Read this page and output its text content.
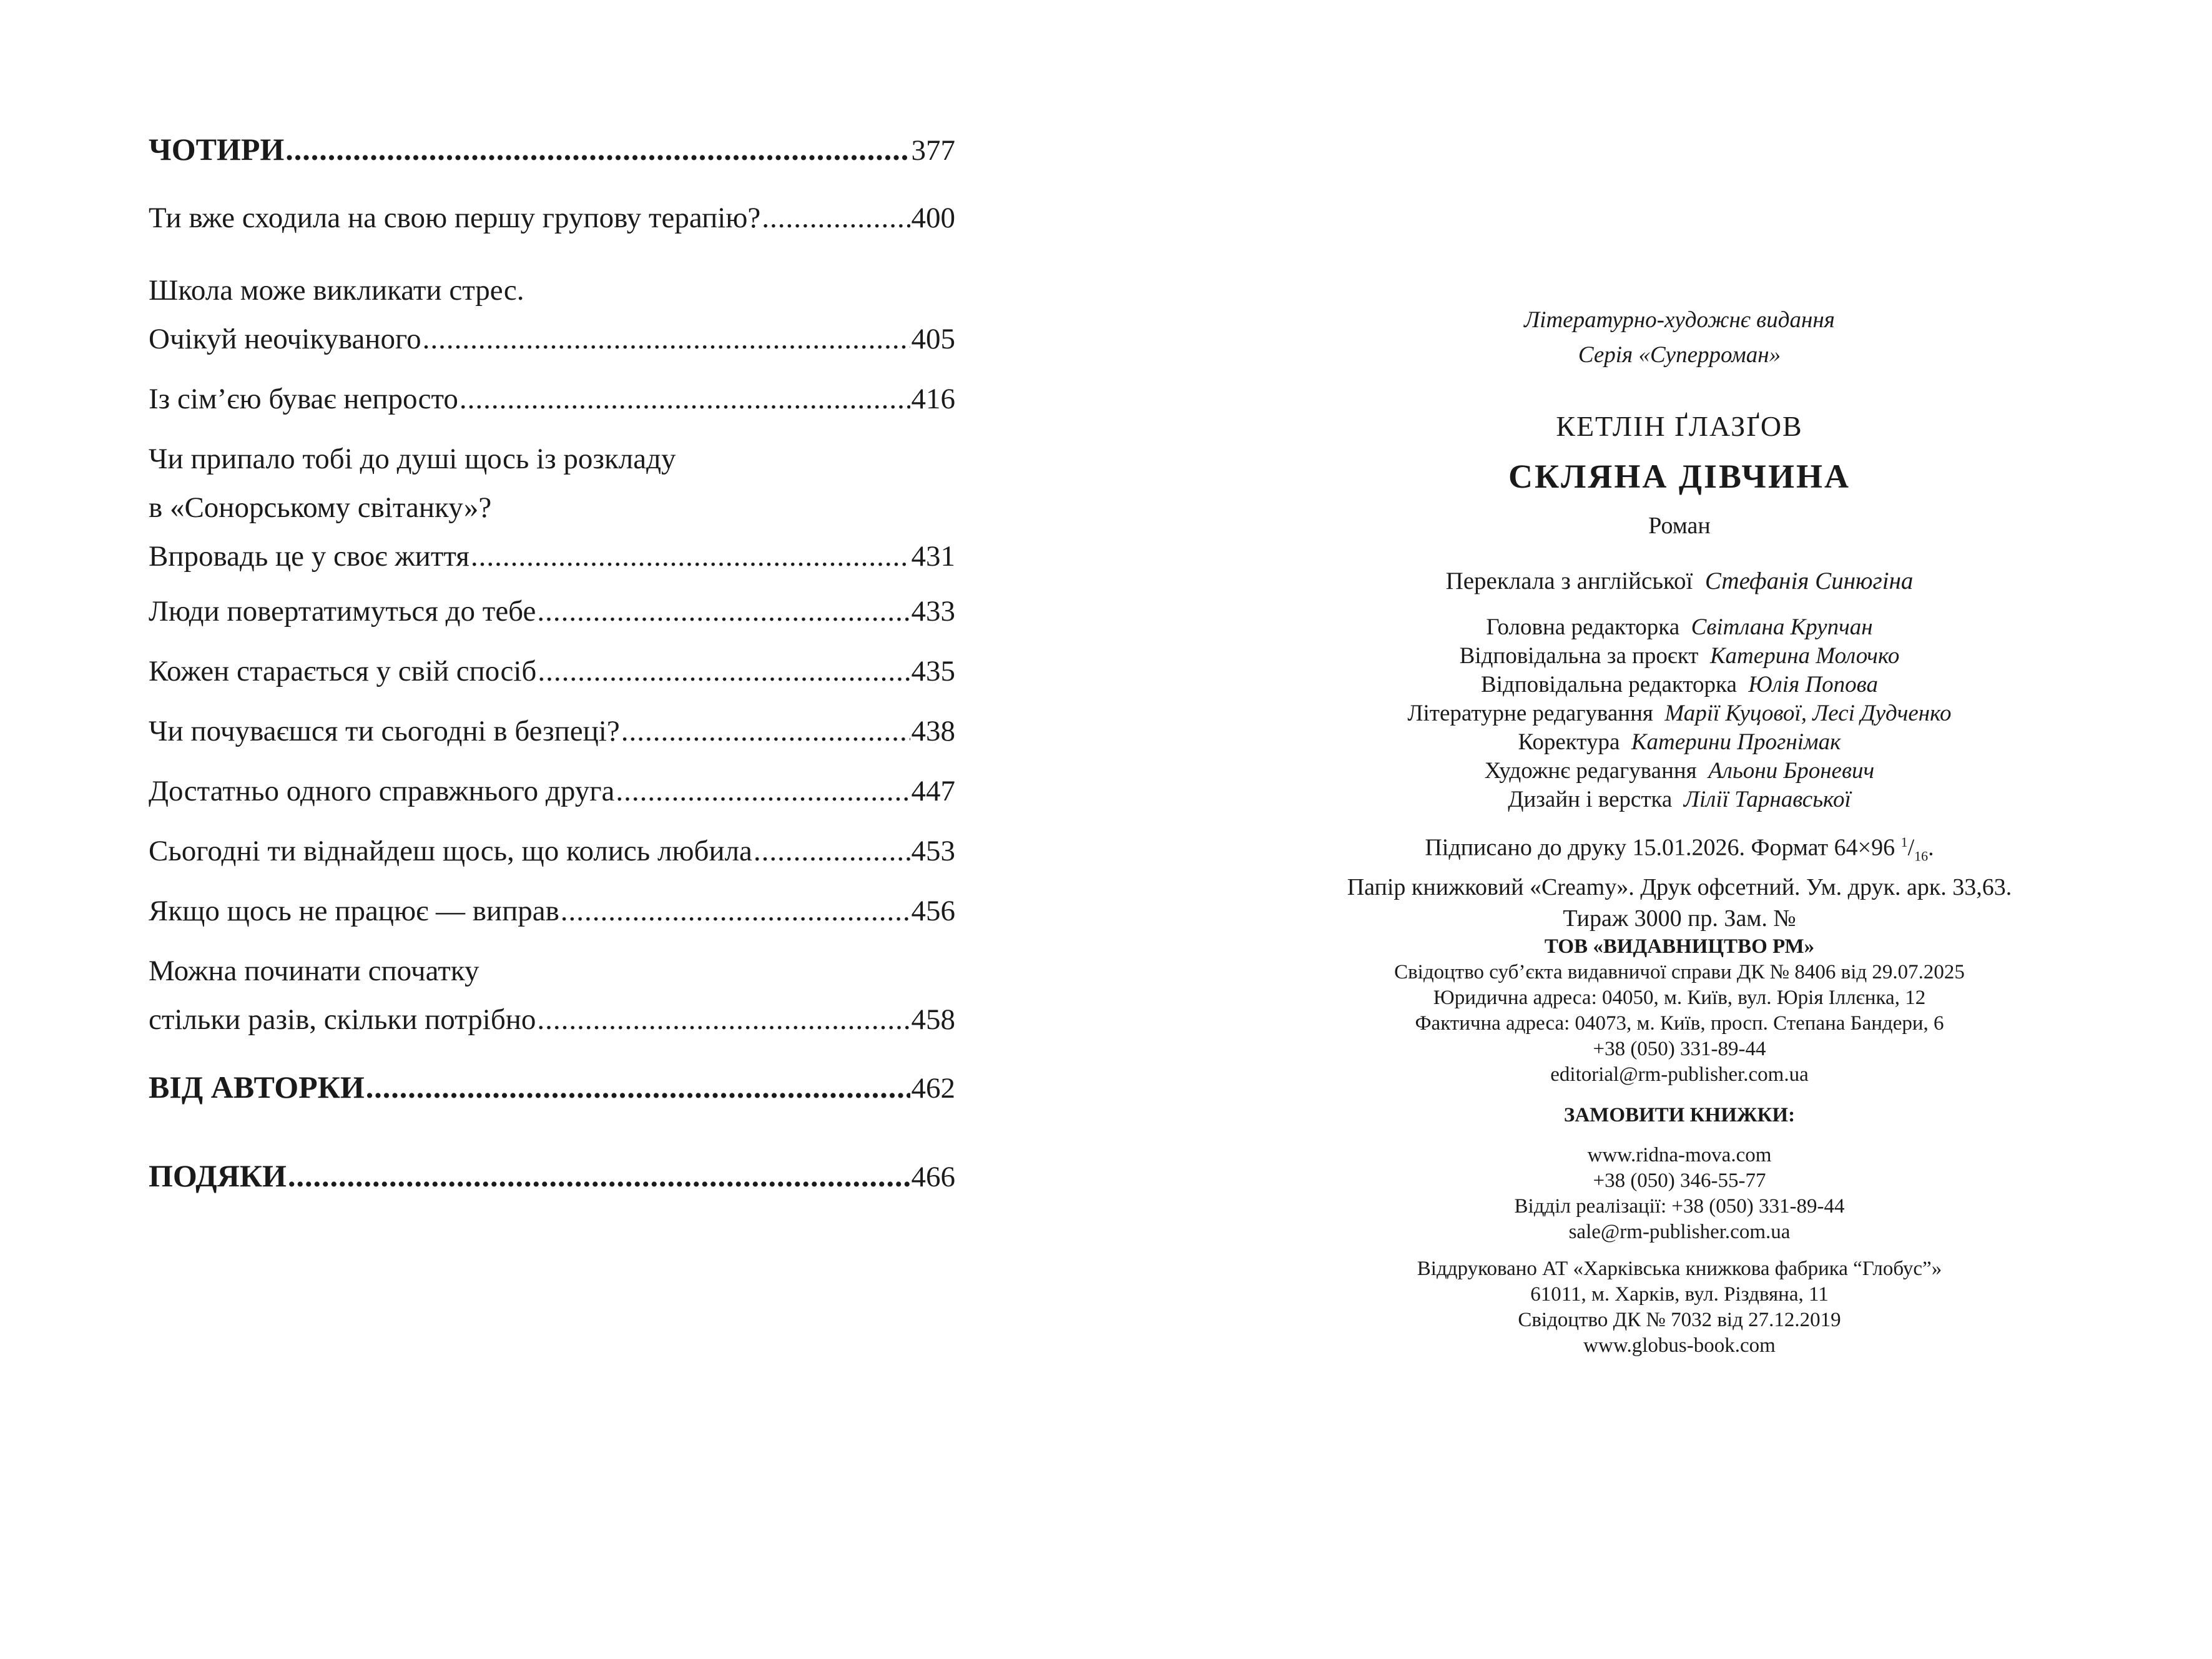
ЧОТИРИ .....	377
Ти вже сходила на свою першу групову терапію? .....	400
Школа може викликати стрес.
Очікуй неочікуваного .....	405
Із сім’єю буває непросто .....	416
Чи припало тобі до душі щось із розкладу
в «Сонорському світанку»?
Впровадь це у своє життя .....	431
Люди повертатимуться до тебе .....	433
Кожен старається у свій спосіб .....	435
Чи почуваєшся ти сьогодні в безпеці? .....	438
Достатньо одного справжнього друга .....	447
Сьогодні ти віднайдеш щось, що колись любила .....	453
Якщо щось не працює — виправ .....	456
Можна починати спочатку
стільки разів, скільки потрібно .....	458
ВІД АВТОРКИ .....	462
ПОДЯКИ .....	466
Літературно-художнє видання
Серія «Суперроман»
КЕТЛІН ҐЛАЗҐОВ
СКЛЯНА ДІВЧИНА
Роман
Переклала з англійської Стефанія Синюгіна
Головна редакторка Світлана Крупчан
Відповідальна за проєкт Катерина Молочко
Відповідальна редакторка Юлія Попова
Літературне редагування Марії Куцової, Лесі Дудченко
Коректура Катерини Прогнімак
Художнє редагування Альони Броневич
Дизайн і верстка Лілії Тарнавської
Підписано до друку 15.01.2026. Формат 64×96 $^1/_{16}$.
Папір книжковий «Creamy». Друк офсетний. Ум. друк. арк. 33,63.
Тираж 3000 пр. Зам. №
ТОВ «ВИДАВНИЦТВО РМ»
Свідоцтво суб’єкта видавничої справи ДК № 8406 від 29.07.2025
Юридична адреса: 04050, м. Київ, вул. Юрія Іллєнка, 12
Фактична адреса: 04073, м. Київ, просп. Степана Бандери, 6
+38 (050) 331-89-44
editorial@rm-publisher.com.ua
ЗАМОВИТИ КНИЖКИ:
www.ridna-mova.com
+38 (050) 346-55-77
Відділ реалізації: +38 (050) 331-89-44
sale@rm-publisher.com.ua
Віддруковано АТ «Харківська книжкова фабрика “Глобус”»
61011, м. Харків, вул. Різдвяна, 11
Свідоцтво ДК № 7032 від 27.12.2019
www.globus-book.com
